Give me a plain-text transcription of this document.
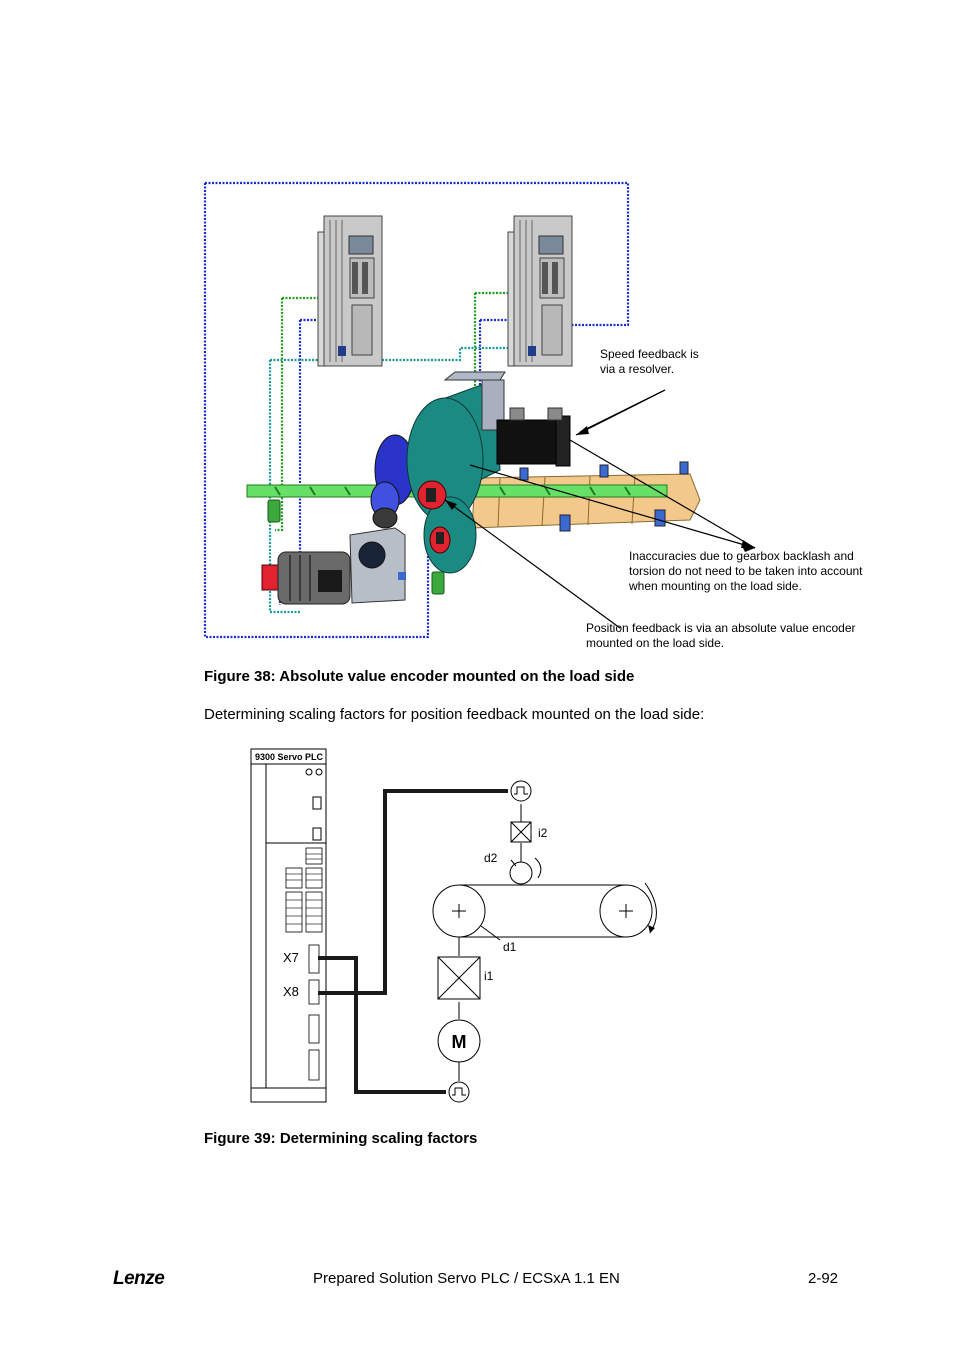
Speed feedback is
via a resolver.
Inaccuracies due to gearbox backlash and
torsion do not need to be taken into account
when mounting on the load side.
Position feedback is via an absolute value encoder
mounted on the load side.
Figure 38: Absolute value encoder mounted on the load side
Determining scaling factors for position feedback mounted on the load side:
9300 Servo PLC
X7
X8
i2
d2
d1
i1
M
Figure 39: Determining scaling factors
Lenze	Prepared Solution Servo PLC / ECSxA 1.1 EN	2-92
